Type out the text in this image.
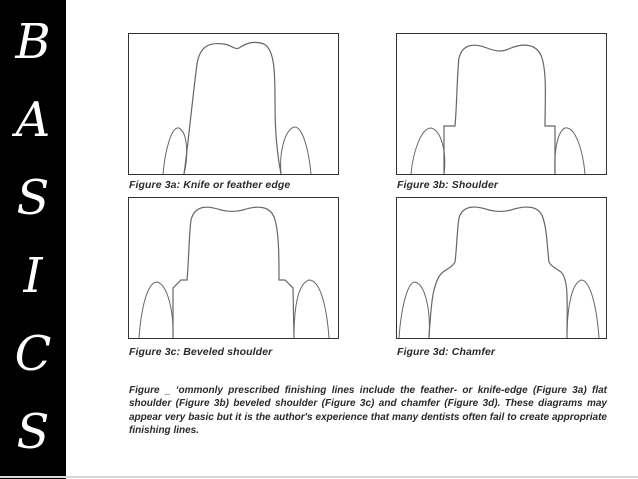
B
A
S
I
C
S
Figure 3a: Knife or feather edge	Figure 3b: Shoulder
Figure 3c: Beveled shoulder	Figure 3d: Chamfer
Figure _ ‘ommonly prescribed finishing lines include the feather- or knife-edge (Figure 3a) flat shoulder (Figure 3b) beveled shoulder (Figure 3c) and chamfer (Figure 3d). These diagrams may appear very basic but it is the author's experience that many dentists often fail to create appropriate finishing lines.
